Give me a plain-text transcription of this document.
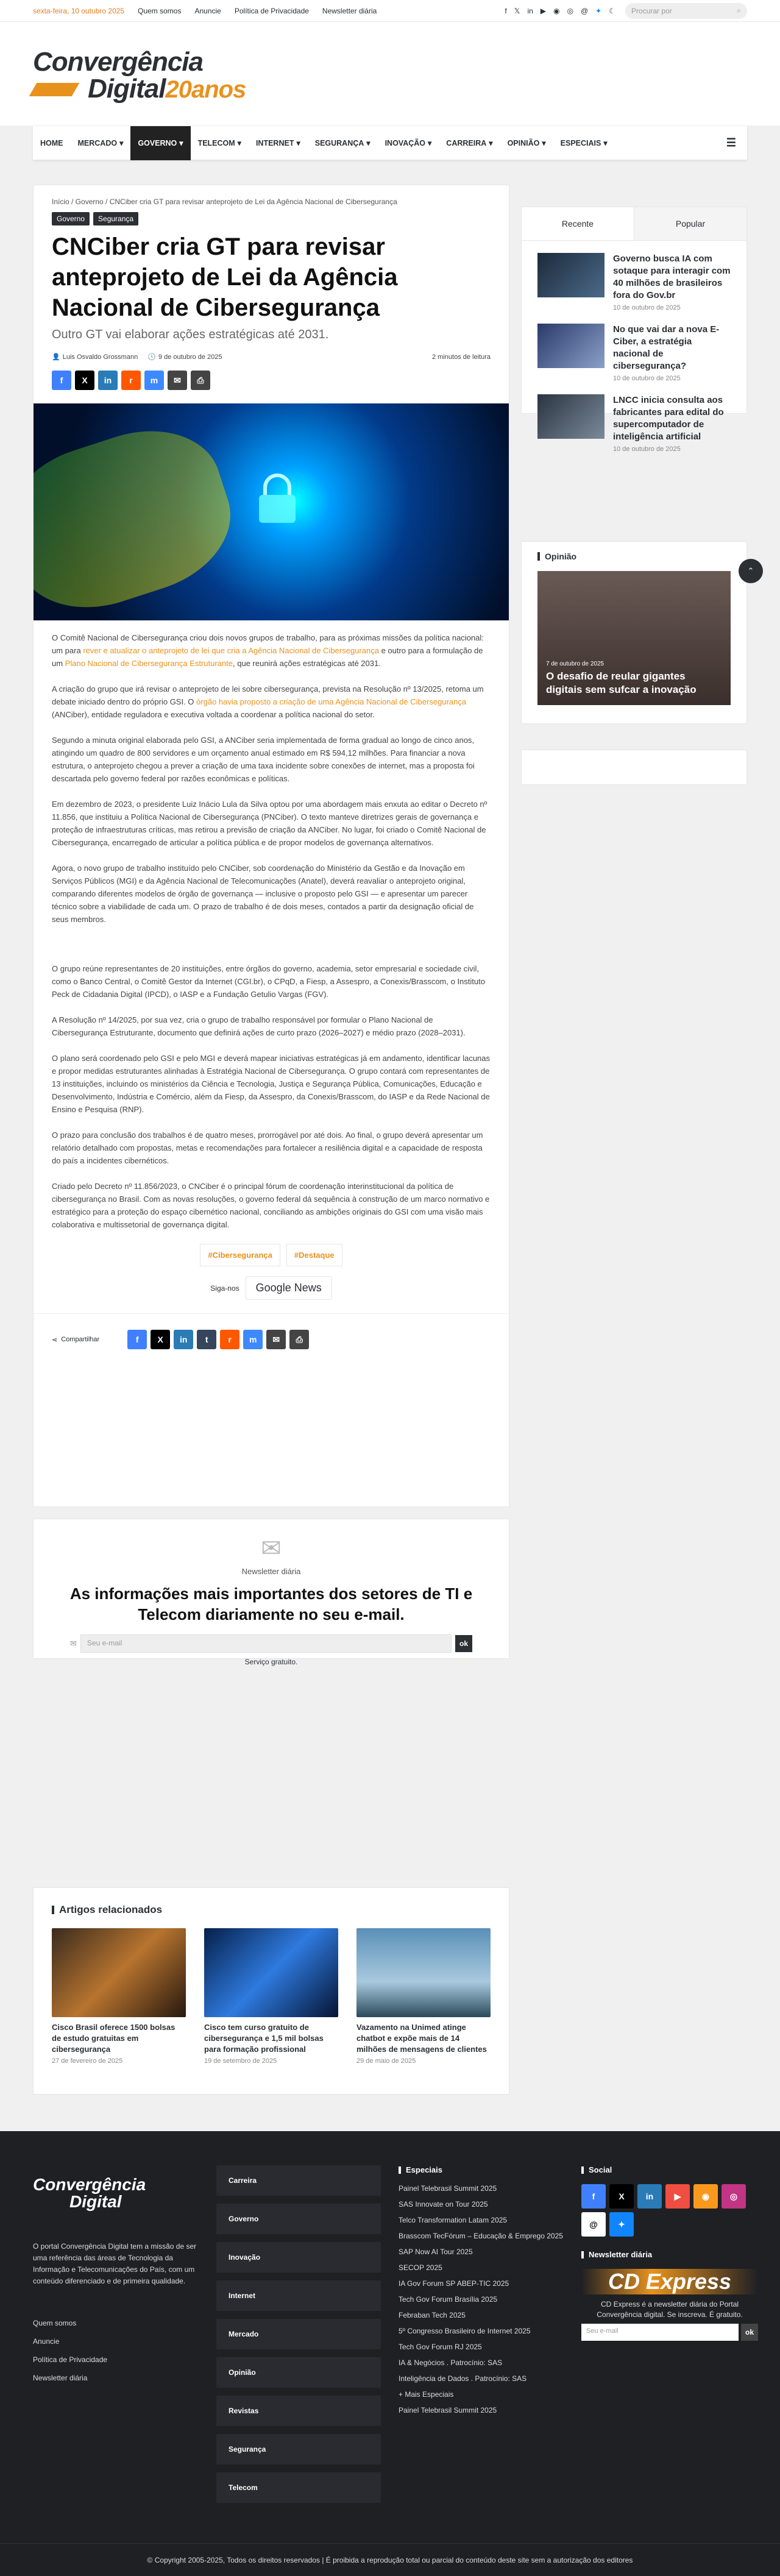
sexta-feira, 10 outubro 2025 Quem somos Anuncie Política de Privacidade Newsletter diária	f 𝕏 in ▶ ◉ ◎ @ ✦ ☾ Procurar por	⌕
Convergência
Digital20anos
HOME MERCADO ▾ GOVERNO ▾ TELECOM ▾ INTERNET ▾ SEGURANÇA ▾ INOVAÇÃO ▾ CARREIRA ▾ OPINIÃO ▾ ESPECIAIS ▾	☰
Início / Governo / CNCiber cria GT para revisar anteprojeto de Lei da Agência Nacional de Cibersegurança
Governo	Segurança
CNCiber cria GT para revisar anteprojeto de Lei da Agência Nacional de Cibersegurança
Outro GT vai elaborar ações estratégicas até 2031.
👤 Luis Osvaldo Grossmann 🕓 9 de outubro de 2025	2 minutos de leitura
f	X	in	r	m	✉	⎙

O Comitê Nacional de Cibersegurança criou dois novos grupos de trabalho, para as próximas missões da política nacional: um para rever e atualizar o anteprojeto de lei que cria a Agência Nacional de Cibersegurança e outro para a formulação de um Plano Nacional de Cibersegurança Estruturante, que reunirá ações estratégicas até 2031.

A criação do grupo que irá revisar o anteprojeto de lei sobre cibersegurança, prevista na Resolução nº 13/2025, retoma um debate iniciado dentro do próprio GSI. O órgão havia proposto a criação de uma Agência Nacional de Cibersegurança (ANCiber), entidade reguladora e executiva voltada a coordenar a política nacional do setor.

Segundo a minuta original elaborada pelo GSI, a ANCiber seria implementada de forma gradual ao longo de cinco anos, atingindo um quadro de 800 servidores e um orçamento anual estimado em R$ 594,12 milhões. Para financiar a nova estrutura, o anteprojeto chegou a prever a criação de uma taxa incidente sobre conexões de internet, mas a proposta foi descartada pelo governo federal por razões econômicas e políticas.

Em dezembro de 2023, o presidente Luiz Inácio Lula da Silva optou por uma abordagem mais enxuta ao editar o Decreto nº 11.856, que instituiu a Política Nacional de Cibersegurança (PNCiber). O texto manteve diretrizes gerais de governança e proteção de infraestruturas críticas, mas retirou a previsão de criação da ANCiber. No lugar, foi criado o Comitê Nacional de Cibersegurança, encarregado de articular a política pública e de propor modelos de governança alternativos.

Agora, o novo grupo de trabalho instituído pelo CNCiber, sob coordenação do Ministério da Gestão e da Inovação em Serviços Públicos (MGI) e da Agência Nacional de Telecomunicações (Anatel), deverá reavaliar o anteprojeto original, comparando diferentes modelos de órgão de governança — inclusive o proposto pelo GSI — e apresentar um parecer técnico sobre a viabilidade de cada um. O prazo de trabalho é de dois meses, contados a partir da designação oficial de seus membros.

O grupo reúne representantes de 20 instituições, entre órgãos do governo, academia, setor empresarial e sociedade civil, como o Banco Central, o Comitê Gestor da Internet (CGI.br), o CPqD, a Fiesp, a Assespro, a Conexis/Brasscom, o Instituto Peck de Cidadania Digital (IPCD), o IASP e a Fundação Getulio Vargas (FGV).

A Resolução nº 14/2025, por sua vez, cria o grupo de trabalho responsável por formular o Plano Nacional de Cibersegurança Estruturante, documento que definirá ações de curto prazo (2026–2027) e médio prazo (2028–2031).

O plano será coordenado pelo GSI e pelo MGI e deverá mapear iniciativas estratégicas já em andamento, identificar lacunas e propor medidas estruturantes alinhadas à Estratégia Nacional de Cibersegurança. O grupo contará com representantes de 13 instituições, incluindo os ministérios da Ciência e Tecnologia, Justiça e Segurança Pública, Comunicações, Educação e Desenvolvimento, Indústria e Comércio, além da Fiesp, da Assespro, da Conexis/Brasscom, do IASP e da Rede Nacional de Ensino e Pesquisa (RNP).

O prazo para conclusão dos trabalhos é de quatro meses, prorrogável por até dois. Ao final, o grupo deverá apresentar um relatório detalhado com propostas, metas e recomendações para fortalecer a resiliência digital e a capacidade de resposta do país a incidentes cibernéticos.

Criado pelo Decreto nº 11.856/2023, o CNCiber é o principal fórum de coordenação interinstitucional da política de cibersegurança no Brasil. Com as novas resoluções, o governo federal dá sequência à construção de um marco normativo e estratégico para a proteção do espaço cibernético nacional, conciliando as ambições originais do GSI com uma visão mais colaborativa e multissetorial de governança digital.

#Cibersegurança	#Destaque
Siga-nos	Google News
⋖ Compartilhar	f	X	in	t	r	m	✉	⎙
✉
Newsletter diária
As informações mais importantes dos setores de TI e Telecom diariamente no seu e-mail.
✉	Seu e-mail	ok
Serviço gratuito.
Artigos relacionados
Cisco Brasil oferece 1500 bolsas de estudo gratuitas em cibersegurança
27 de fevereiro de 2025
Cisco tem curso gratuito de cibersegurança e 1,5 mil bolsas para formação profissional
19 de setembro de 2025
Vazamento na Unimed atinge chatbot e expõe mais de 14 milhões de mensagens de clientes
29 de maio de 2025
Recente	Popular
Governo busca IA com sotaque para interagir com 40 milhões de brasileiros fora do Gov.br
10 de outubro de 2025
No que vai dar a nova E-Ciber, a estratégia nacional de cibersegurança?
10 de outubro de 2025
LNCC inicia consulta aos fabricantes para edital do supercomputador de inteligência artificial
10 de outubro de 2025
Opinião
7 de outubro de 2025
O desafio de reular gigantes digitais sem sufcar a inovação
⌃
Convergência
Digital
O portal Convergência Digital tem a missão de ser uma referência das áreas de Tecnologia da Informação e Telecomunicações do País, com um conteúdo diferenciado e de primeira qualidade.
Quem somos
Anuncie
Política de Privacidade
Newsletter diária
Carreira
Governo
Inovação
Internet
Mercado
Opinião
Revistas
Segurança
Telecom
Especiais
Painel Telebrasil Summit 2025
SAS Innovate on Tour 2025
Telco Transformation Latam 2025
Brasscom TecFórum – Educação & Emprego 2025
SAP Now AI Tour 2025
SECOP 2025
IA Gov Forum SP ABEP-TIC 2025
Tech Gov Forum Brasília 2025
Febraban Tech 2025
5º Congresso Brasileiro de Internet 2025
Tech Gov Forum RJ 2025
IA & Negócios . Patrocínio: SAS
Inteligência de Dados . Patrocínio: SAS
+ Mais Especiais
Painel Telebrasil Summit 2025
Social
f	X	in	▶	◉	◎
@	✦
Newsletter diária
CD Express
CD Express é a newsletter diária do Portal Convergência digital. Se inscreva. É gratuito.
Seu e-mail	ok
© Copyright 2005-2025, Todos os direitos reservados | É proibida a reprodução total ou parcial do conteúdo deste site sem a autorização dos editores
